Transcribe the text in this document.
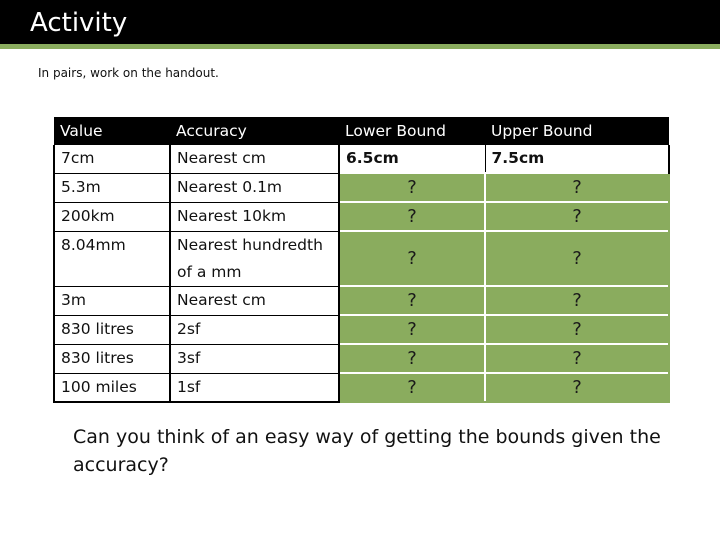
Activity
In pairs, work on the handout.
Value	Accuracy	Lower Bound	Upper Bound
7cm	Nearest cm	6.5cm	7.5cm
5.3m	Nearest 0.1m	?	?
200km	Nearest 10km	?	?
8.04mm	Nearest hundredth of a mm	?	?
3m	Nearest cm	?	?
830 litres	2sf	?	?
830 litres	3sf	?	?
100 miles	1sf	?	?
Can you think of an easy way of getting the bounds given the accuracy?
